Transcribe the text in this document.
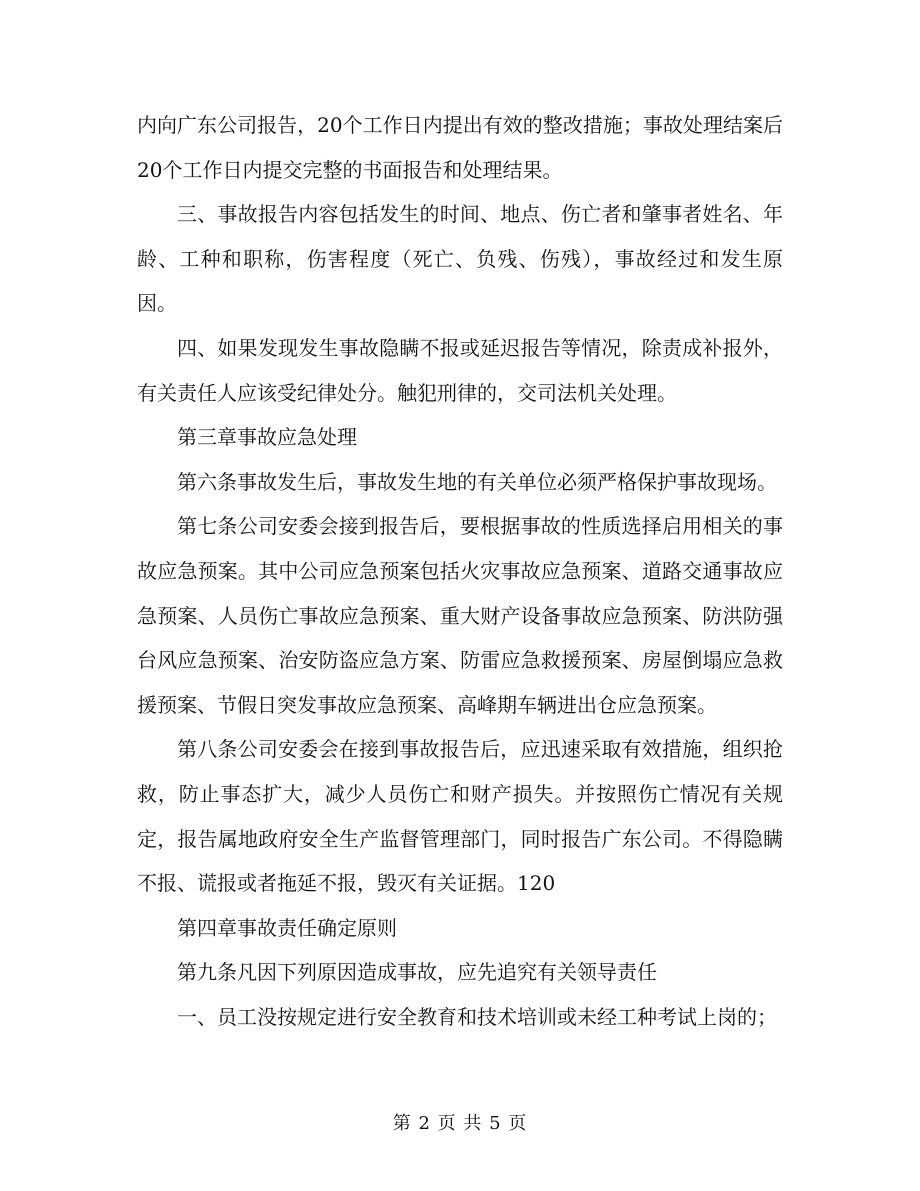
内向广东公司报告，20个工作日内提出有效的整改措施；事故处理结案后20个工作日内提交完整的书面报告和处理结果。

三、事故报告内容包括发生的时间、地点、伤亡者和肇事者姓名、年龄、工种和职称，伤害程度（死亡、负残、伤残），事故经过和发生原因。

四、如果发现发生事故隐瞒不报或延迟报告等情况，除责成补报外，有关责任人应该受纪律处分。触犯刑律的，交司法机关处理。

第三章事故应急处理

第六条事故发生后，事故发生地的有关单位必须严格保护事故现场。

第七条公司安委会接到报告后，要根据事故的性质选择启用相关的事故应急预案。其中公司应急预案包括火灾事故应急预案、道路交通事故应急预案、人员伤亡事故应急预案、重大财产设备事故应急预案、防洪防强台风应急预案、治安防盗应急方案、防雷应急救援预案、房屋倒塌应急救援预案、节假日突发事故应急预案、高峰期车辆进出仓应急预案。

第八条公司安委会在接到事故报告后，应迅速采取有效措施，组织抢救，防止事态扩大，减少人员伤亡和财产损失。并按照伤亡情况有关规定，报告属地政府安全生产监督管理部门，同时报告广东公司。不得隐瞒不报、谎报或者拖延不报，毁灭有关证据。120

第四章事故责任确定原则

第九条凡因下列原因造成事故，应先追究有关领导责任

一、员工没按规定进行安全教育和技术培训或未经工种考试上岗的；

第 2 页 共 5 页
